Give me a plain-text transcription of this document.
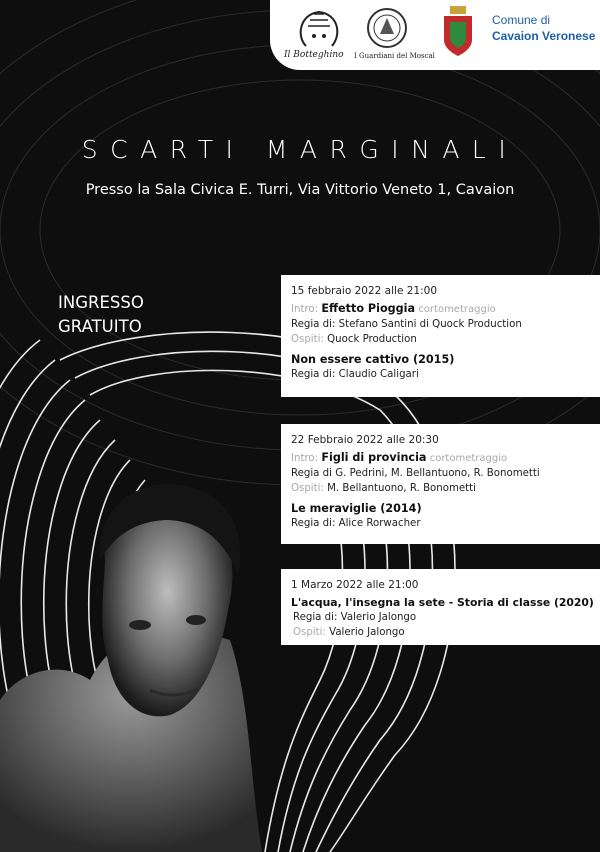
Il Botteghino I Guardiani del Moscal
Comune di
Cavaion Veronese
SCARTI MARGINALI
Presso la Sala Civica E. Turri, Via Vittorio Veneto 1, Cavaion
INGRESSO
GRATUITO
15 febbraio 2022 alle 21:00
Intro: Effetto Pioggia cortometraggio
Regia di: Stefano Santini di Quock Production
Ospiti: Quock Production
Non essere cattivo (2015)
Regia di: Claudio Caligari
22 Febbraio 2022 alle 20:30
Intro: Figli di provincia cortometraggio
Regia di G. Pedrini, M. Bellantuono, R. Bonometti
Ospiti: M. Bellantuono, R. Bonometti
Le meraviglie (2014)
Regia di: Alice Rorwacher
1 Marzo 2022 alle 21:00
L'acqua, l'insegna la sete - Storia di classe (2020)
Regia di: Valerio Jalongo
Ospiti: Valerio Jalongo
